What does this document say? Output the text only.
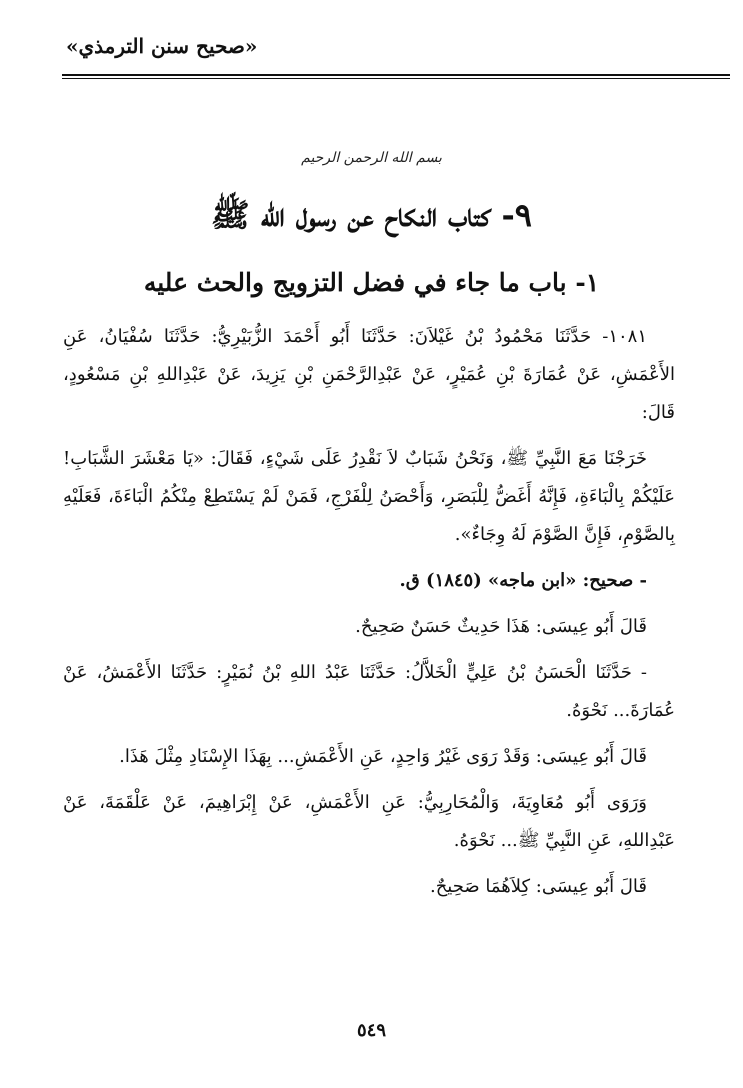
«صحيح سنن الترمذي»
بسم الله الرحمن الرحيم
٩- كتاب النكاح عن رسول الله ﷺ
١- باب ما جاء في فضل التزويج والحث عليه

١٠٨١- حَدَّثَنَا مَحْمُودُ بْنُ غَيْلاَنَ: حَدَّثَنَا أَبُو أَحْمَدَ الزُّبَيْرِيُّ: حَدَّثَنَا سُفْيَانُ، عَنِ الأَعْمَشِ، عَنْ عُمَارَةَ بْنِ عُمَيْرٍ، عَنْ عَبْدِالرَّحْمَنِ بْنِ يَزِيدَ، عَنْ عَبْدِاللهِ بْنِ مَسْعُودٍ، قَالَ:

خَرَجْنَا مَعَ النَّبِيِّ ﷺ، وَنَحْنُ شَبَابٌ لاَ نَقْدِرُ عَلَى شَيْءٍ، فَقَالَ: «يَا مَعْشَرَ الشَّبَابِ! عَلَيْكُمْ بِالْبَاءَةِ، فَإِنَّهُ أَغَضُّ لِلْبَصَرِ، وَأَحْصَنُ لِلْفَرْجِ، فَمَنْ لَمْ يَسْتَطِعْ مِنْكُمُ الْبَاءَةَ، فَعَلَيْهِ بِالصَّوْمِ، فَإِنَّ الصَّوْمَ لَهُ وِجَاءٌ».

- صحيح: «ابن ماجه» (١٨٤٥) ق.

قَالَ أَبُو عِيسَى: هَذَا حَدِيثٌ حَسَنٌ صَحِيحٌ.

- حَدَّثَنَا الْحَسَنُ بْنُ عَلِيٍّ الْخَلاَّلُ: حَدَّثَنَا عَبْدُ اللهِ بْنُ نُمَيْرٍ: حَدَّثَنَا الأَعْمَشُ، عَنْ عُمَارَةَ... نَحْوَهُ.

قَالَ أَبُو عِيسَى: وَقَدْ رَوَى غَيْرُ وَاحِدٍ، عَنِ الأَعْمَشِ... بِهَذَا الإِسْنَادِ مِثْلَ هَذَا.

وَرَوَى أَبُو مُعَاوِيَةَ، وَالْمُحَارِبِيُّ: عَنِ الأَعْمَشِ، عَنْ إِبْرَاهِيمَ، عَنْ عَلْقَمَةَ، عَنْ عَبْدِاللهِ، عَنِ النَّبِيِّ ﷺ... نَحْوَهُ.

قَالَ أَبُو عِيسَى: كِلاَهُمَا صَحِيحٌ.

٥٤٩
